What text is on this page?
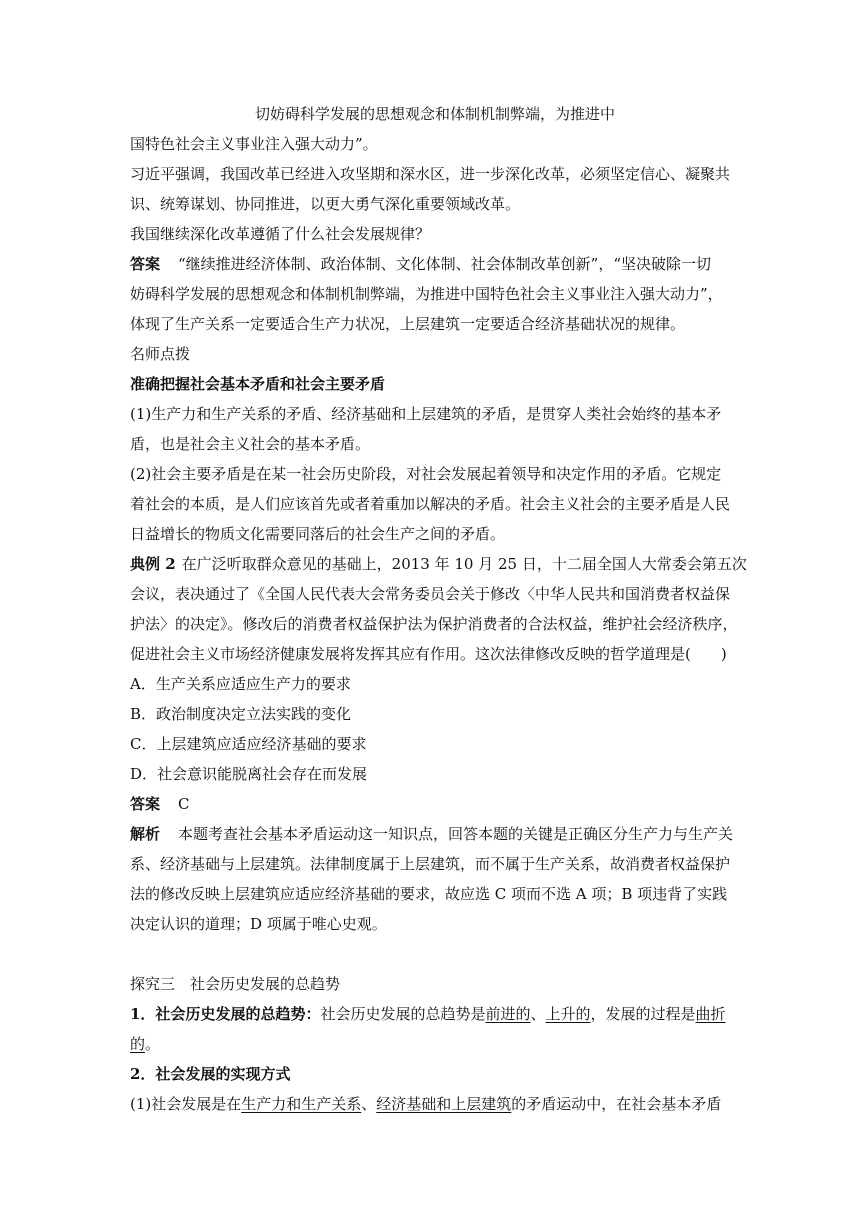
切妨碍科学发展的思想观念和体制机制弊端，为推进中
国特色社会主义事业注入强大动力”。
习近平强调，我国改革已经进入攻坚期和深水区，进一步深化改革，必须坚定信心、凝聚共
识、统筹谋划、协同推进，以更大勇气深化重要领域改革。
我国继续深化改革遵循了什么社会发展规律？
答案 “继续推进经济体制、政治体制、文化体制、社会体制改革创新”，“坚决破除一切
妨碍科学发展的思想观念和体制机制弊端，为推进中国特色社会主义事业注入强大动力”，
体现了生产关系一定要适合生产力状况，上层建筑一定要适合经济基础状况的规律。
名师点拨
准确把握社会基本矛盾和社会主要矛盾
(1)生产力和生产关系的矛盾、经济基础和上层建筑的矛盾，是贯穿人类社会始终的基本矛
盾，也是社会主义社会的基本矛盾。
(2)社会主要矛盾是在某一社会历史阶段，对社会发展起着领导和决定作用的矛盾。它规定
着社会的本质，是人们应该首先或者着重加以解决的矛盾。社会主义社会的主要矛盾是人民
日益增长的物质文化需要同落后的社会生产之间的矛盾。
典例 2 在广泛听取群众意见的基础上，2013 年 10 月 25 日，十二届全国人大常委会第五次
会议，表决通过了《全国人民代表大会常务委员会关于修改〈中华人民共和国消费者权益保
护法〉的决定》。修改后的消费者权益保护法为保护消费者的合法权益，维护社会经济秩序，
促进社会主义市场经济健康发展将发挥其应有作用。这次法律修改反映的哲学道理是(　　)
A．生产关系应适应生产力的要求
B．政治制度决定立法实践的变化
C．上层建筑应适应经济基础的要求
D．社会意识能脱离社会存在而发展
答案 C
解析 本题考查社会基本矛盾运动这一知识点，回答本题的关键是正确区分生产力与生产关
系、经济基础与上层建筑。法律制度属于上层建筑，而不属于生产关系，故消费者权益保护
法的修改反映上层建筑应适应经济基础的要求，故应选 C 项而不选 A 项；B 项违背了实践
决定认识的道理；D 项属于唯心史观。
探究三　社会历史发展的总趋势
1．社会历史发展的总趋势：社会历史发展的总趋势是前进的、上升的，发展的过程是曲折
的。
2．社会发展的实现方式
(1)社会发展是在生产力和生产关系、经济基础和上层建筑的矛盾运动中，在社会基本矛盾
